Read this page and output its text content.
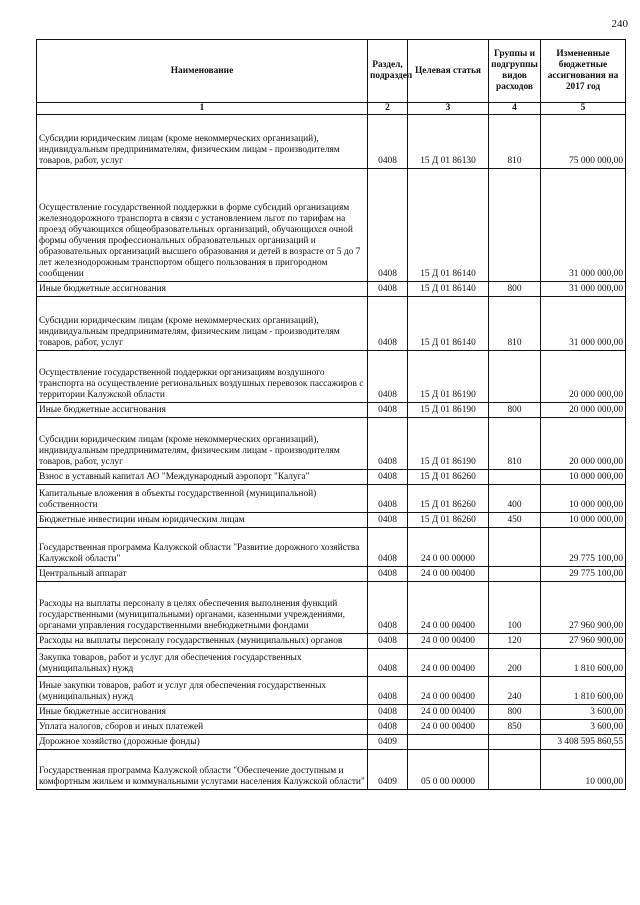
240
Наименование	Раздел, подраздел	Целевая статья	Группы и подгруппы видов расходов	Измененные бюджетные ассигнования на 2017 год
1	2	3	4	5
Субсидии юридическим лицам (кроме некоммерческих организаций), индивидуальным предпринимателям, физическим лицам - производителям товаров, работ, услуг	0408	15 Д 01 86130	810	75 000 000,00
Осуществление государственной поддержки в форме субсидий организациям железнодорожного транспорта в связи с установлением льгот по тарифам на проезд обучающихся общеобразовательных организаций, обучающихся очной формы обучения профессиональных образовательных организаций и образовательных организаций высшего образования и детей в возрасте от 5 до 7 лет железнодорожным транспортом общего пользования в пригородном сообщении	0408	15 Д 01 86140		31 000 000,00
Иные бюджетные ассигнования	0408	15 Д 01 86140	800	31 000 000,00
Субсидии юридическим лицам (кроме некоммерческих организаций), индивидуальным предпринимателям, физическим лицам - производителям товаров, работ, услуг	0408	15 Д 01 86140	810	31 000 000,00
Осуществление государственной поддержки организациям воздушного транспорта на осуществление региональных воздушных перевозок пассажиров с территории Калужской области	0408	15 Д 01 86190		20 000 000,00
Иные бюджетные ассигнования	0408	15 Д 01 86190	800	20 000 000,00
Субсидии юридическим лицам (кроме некоммерческих организаций), индивидуальным предпринимателям, физическим лицам - производителям товаров, работ, услуг	0408	15 Д 01 86190	810	20 000 000,00
Взнос в уставный капитал АО "Международный аэропорт "Калуга"	0408	15 Д 01 86260		10 000 000,00
Капитальные вложения в объекты государственной (муниципальной) собственности	0408	15 Д 01 86260	400	10 000 000,00
Бюджетные инвестиции иным юридическим лицам	0408	15 Д 01 86260	450	10 000 000,00
Государственная программа Калужской области "Развитие дорожного хозяйства Калужской области"	0408	24 0 00 00000		29 775 100,00
Центральный аппарат	0408	24 0 00 00400		29 775 100,00
Расходы на выплаты персоналу в целях обеспечения выполнения функций государственными (муниципальными) органами, казенными учреждениями, органами управления государственными внебюджетными фондами	0408	24 0 00 00400	100	27 960 900,00
Расходы на выплаты персоналу государственных (муниципальных) органов	0408	24 0 00 00400	120	27 960 900,00
Закупка товаров, работ и услуг для обеспечения государственных (муниципальных) нужд	0408	24 0 00 00400	200	1 810 600,00
Иные закупки товаров, работ и услуг для обеспечения государственных (муниципальных) нужд	0408	24 0 00 00400	240	1 810 600,00
Иные бюджетные ассигнования	0408	24 0 00 00400	800	3 600,00
Уплата налогов, сборов и иных платежей	0408	24 0 00 00400	850	3 600,00
Дорожное хозяйство (дорожные фонды)	0409			3 408 595 860,55
Государственная программа Калужской области "Обеспечение доступным и комфортным жильем и коммунальными услугами населения Калужской области"	0409	05 0 00 00000		10 000,00
